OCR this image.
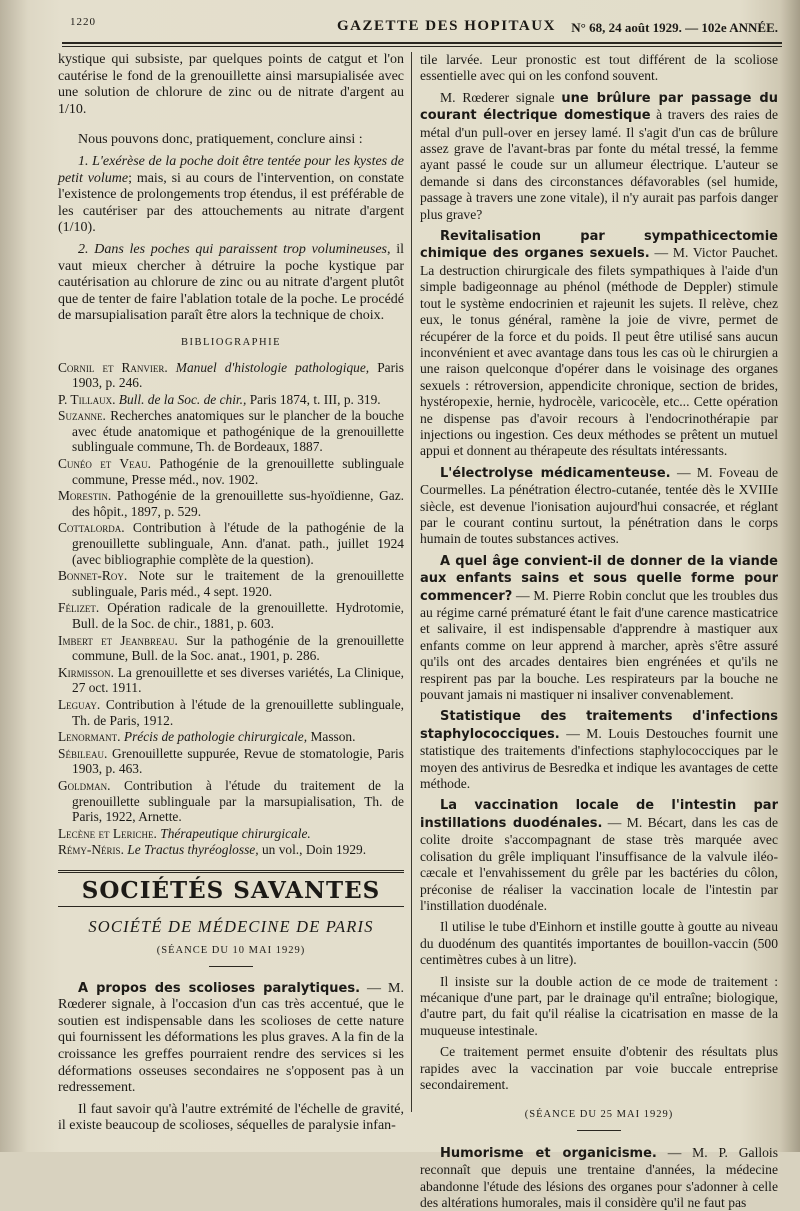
1220	GAZETTE DES HOPITAUX N° 68, 24 août 1929. — 102e ANNÉE.

kystique qui subsiste, par quelques points de catgut et l'on cautérise le fond de la grenouillette ainsi marsupialisée avec une solution de chlorure de zinc ou de nitrate d'argent au 1/10.

Nous pouvons donc, pratiquement, conclure ainsi :

1. L'exérèse de la poche doit être tentée pour les kystes de petit volume; mais, si au cours de l'intervention, on constate l'existence de prolongements trop étendus, il est préférable de les cautériser par des attouchements au nitrate d'argent (1/10).

2. Dans les poches qui paraissent trop volumineuses, il vaut mieux chercher à détruire la poche kystique par cautérisation au chlorure de zinc ou au nitrate d'argent plutôt que de tenter de faire l'ablation totale de la poche. Le procédé de marsupialisation paraît être alors la technique de choix.

BIBLIOGRAPHIE

Cornil et Ranvier. Manuel d'histologie pathologique, Paris 1903, p. 246.

P. Tillaux. Bull. de la Soc. de chir., Paris 1874, t. III, p. 319.

Suzanne. Recherches anatomiques sur le plancher de la bouche avec étude anatomique et pathogénique de la grenouillette sublinguale commune, Th. de Bordeaux, 1887.

Cunéo et Veau. Pathogénie de la grenouillette sublinguale commune, Presse méd., nov. 1902.

Morestin. Pathogénie de la grenouillette sus-hyoïdienne, Gaz. des hôpit., 1897, p. 529.

Cottalorda. Contribution à l'étude de la pathogénie de la grenouillette sublinguale, Ann. d'anat. path., juillet 1924 (avec bibliographie complète de la question).

Bonnet-Roy. Note sur le traitement de la grenouillette sublinguale, Paris méd., 4 sept. 1920.

Félizet. Opération radicale de la grenouillette. Hydrotomie, Bull. de la Soc. de chir., 1881, p. 603.

Imbert et Jeanbreau. Sur la pathogénie de la grenouillette commune, Bull. de la Soc. anat., 1901, p. 286.

Kirmisson. La grenouillette et ses diverses variétés, La Clinique, 27 oct. 1911.

Leguay. Contribution à l'étude de la grenouillette sublinguale, Th. de Paris, 1912.

Lenormant. Précis de pathologie chirurgicale, Masson.

Sébileau. Grenouillette suppurée, Revue de stomatologie, Paris 1903, p. 463.

Goldman. Contribution à l'étude du traitement de la grenouillette sublinguale par la marsupialisation, Th. de Paris, 1922, Arnette.

Lecène et Leriche. Thérapeutique chirurgicale.

Rémy-Néris. Le Tractus thyréoglosse, un vol., Doin 1929.

SOCIÉTÉS SAVANTES
SOCIÉTÉ DE MÉDECINE DE PARIS
(SÉANCE DU 10 MAI 1929)

A propos des scolioses paralytiques. — M. Rœderer signale, à l'occasion d'un cas très accentué, que le soutien est indispensable dans les scolioses de cette nature qui fournissent les déformations les plus graves. A la fin de la croissance les greffes pourraient rendre des services si les déformations osseuses secondaires ne s'opposent pas à un redressement.

Il faut savoir qu'à l'autre extrémité de l'échelle de gravité, il existe beaucoup de scolioses, séquelles de paralysie infan-

tile larvée. Leur pronostic est tout différent de la scoliose essentielle avec qui on les confond souvent.

M. Rœderer signale une brûlure par passage du courant électrique domestique à travers des raies de métal d'un pull-over en jersey lamé. Il s'agit d'un cas de brûlure assez grave de l'avant-bras par fonte du métal tressé, la femme ayant passé le coude sur un allumeur électrique. L'auteur se demande si dans des circonstances défavorables (sel humide, passage à travers une zone vitale), il n'y aurait pas parfois danger plus grave?

Revitalisation par sympathicectomie chimique des organes sexuels. — M. Victor Pauchet. La destruction chirurgicale des filets sympathiques à l'aide d'un simple badigeonnage au phénol (méthode de Deppler) stimule tout le système endocrinien et rajeunit les sujets. Il relève, chez eux, le tonus général, ramène la joie de vivre, permet de récupérer de la force et du poids. Il peut être utilisé sans aucun inconvénient et avec avantage dans tous les cas où le chirurgien a une raison quelconque d'opérer dans le voisinage des organes sexuels : rétroversion, appendicite chronique, section de brides, hystéropexie, hernie, hydrocèle, varicocèle, etc... Cette opération ne dispense pas d'avoir recours à l'endocrinothérapie par injections ou ingestion. Ces deux méthodes se prêtent un mutuel appui et donnent au thérapeute des résultats intéressants.

L'électrolyse médicamenteuse. — M. Foveau de Courmelles. La pénétration électro-cutanée, tentée dès le XVIIIe siècle, est devenue l'ionisation aujourd'hui consacrée, et réglant par le courant continu surtout, la pénétration dans le corps humain de toutes substances actives.

A quel âge convient-il de donner de la viande aux enfants sains et sous quelle forme pour commencer? — M. Pierre Robin conclut que les troubles dus au régime carné prématuré étant le fait d'une carence masticatrice et salivaire, il est indispensable d'apprendre à mastiquer aux enfants comme on leur apprend à marcher, après s'être assuré qu'ils ont des arcades dentaires bien engrénées et qu'ils ne respirent pas par la bouche. Les respirateurs par la bouche ne pouvant jamais ni mastiquer ni insaliver convenablement.

Statistique des traitements d'infections staphylococciques. — M. Louis Destouches fournit une statistique des traitements d'infections staphylococciques par le moyen des antivirus de Besredka et indique les avantages de cette méthode.

La vaccination locale de l'intestin par instillations duodénales. — M. Bécart, dans les cas de colite droite s'accompagnant de stase très marquée avec colisation du grêle impliquant l'insuffisance de la valvule iléo-cæcale et l'envahissement du grêle par les bactéries du côlon, préconise de réaliser la vaccination locale de l'intestin par l'instillation duodénale.

Il utilise le tube d'Einhorn et instille goutte à goutte au niveau du duodénum des quantités importantes de bouillon-vaccin (500 centimètres cubes à un litre).

Il insiste sur la double action de ce mode de traitement : mécanique d'une part, par le drainage qu'il entraîne; biologique, d'autre part, du fait qu'il réalise la cicatrisation en masse de la muqueuse intestinale.

Ce traitement permet ensuite d'obtenir des résultats plus rapides avec la vaccination par voie buccale entreprise secondairement.

(SÉANCE DU 25 MAI 1929)

Humorisme et organicisme. — M. P. Gallois reconnaît que depuis une trentaine d'années, la médecine abandonne l'étude des lésions des organes pour s'adonner à celle des altérations humorales, mais il considère qu'il ne faut pas
